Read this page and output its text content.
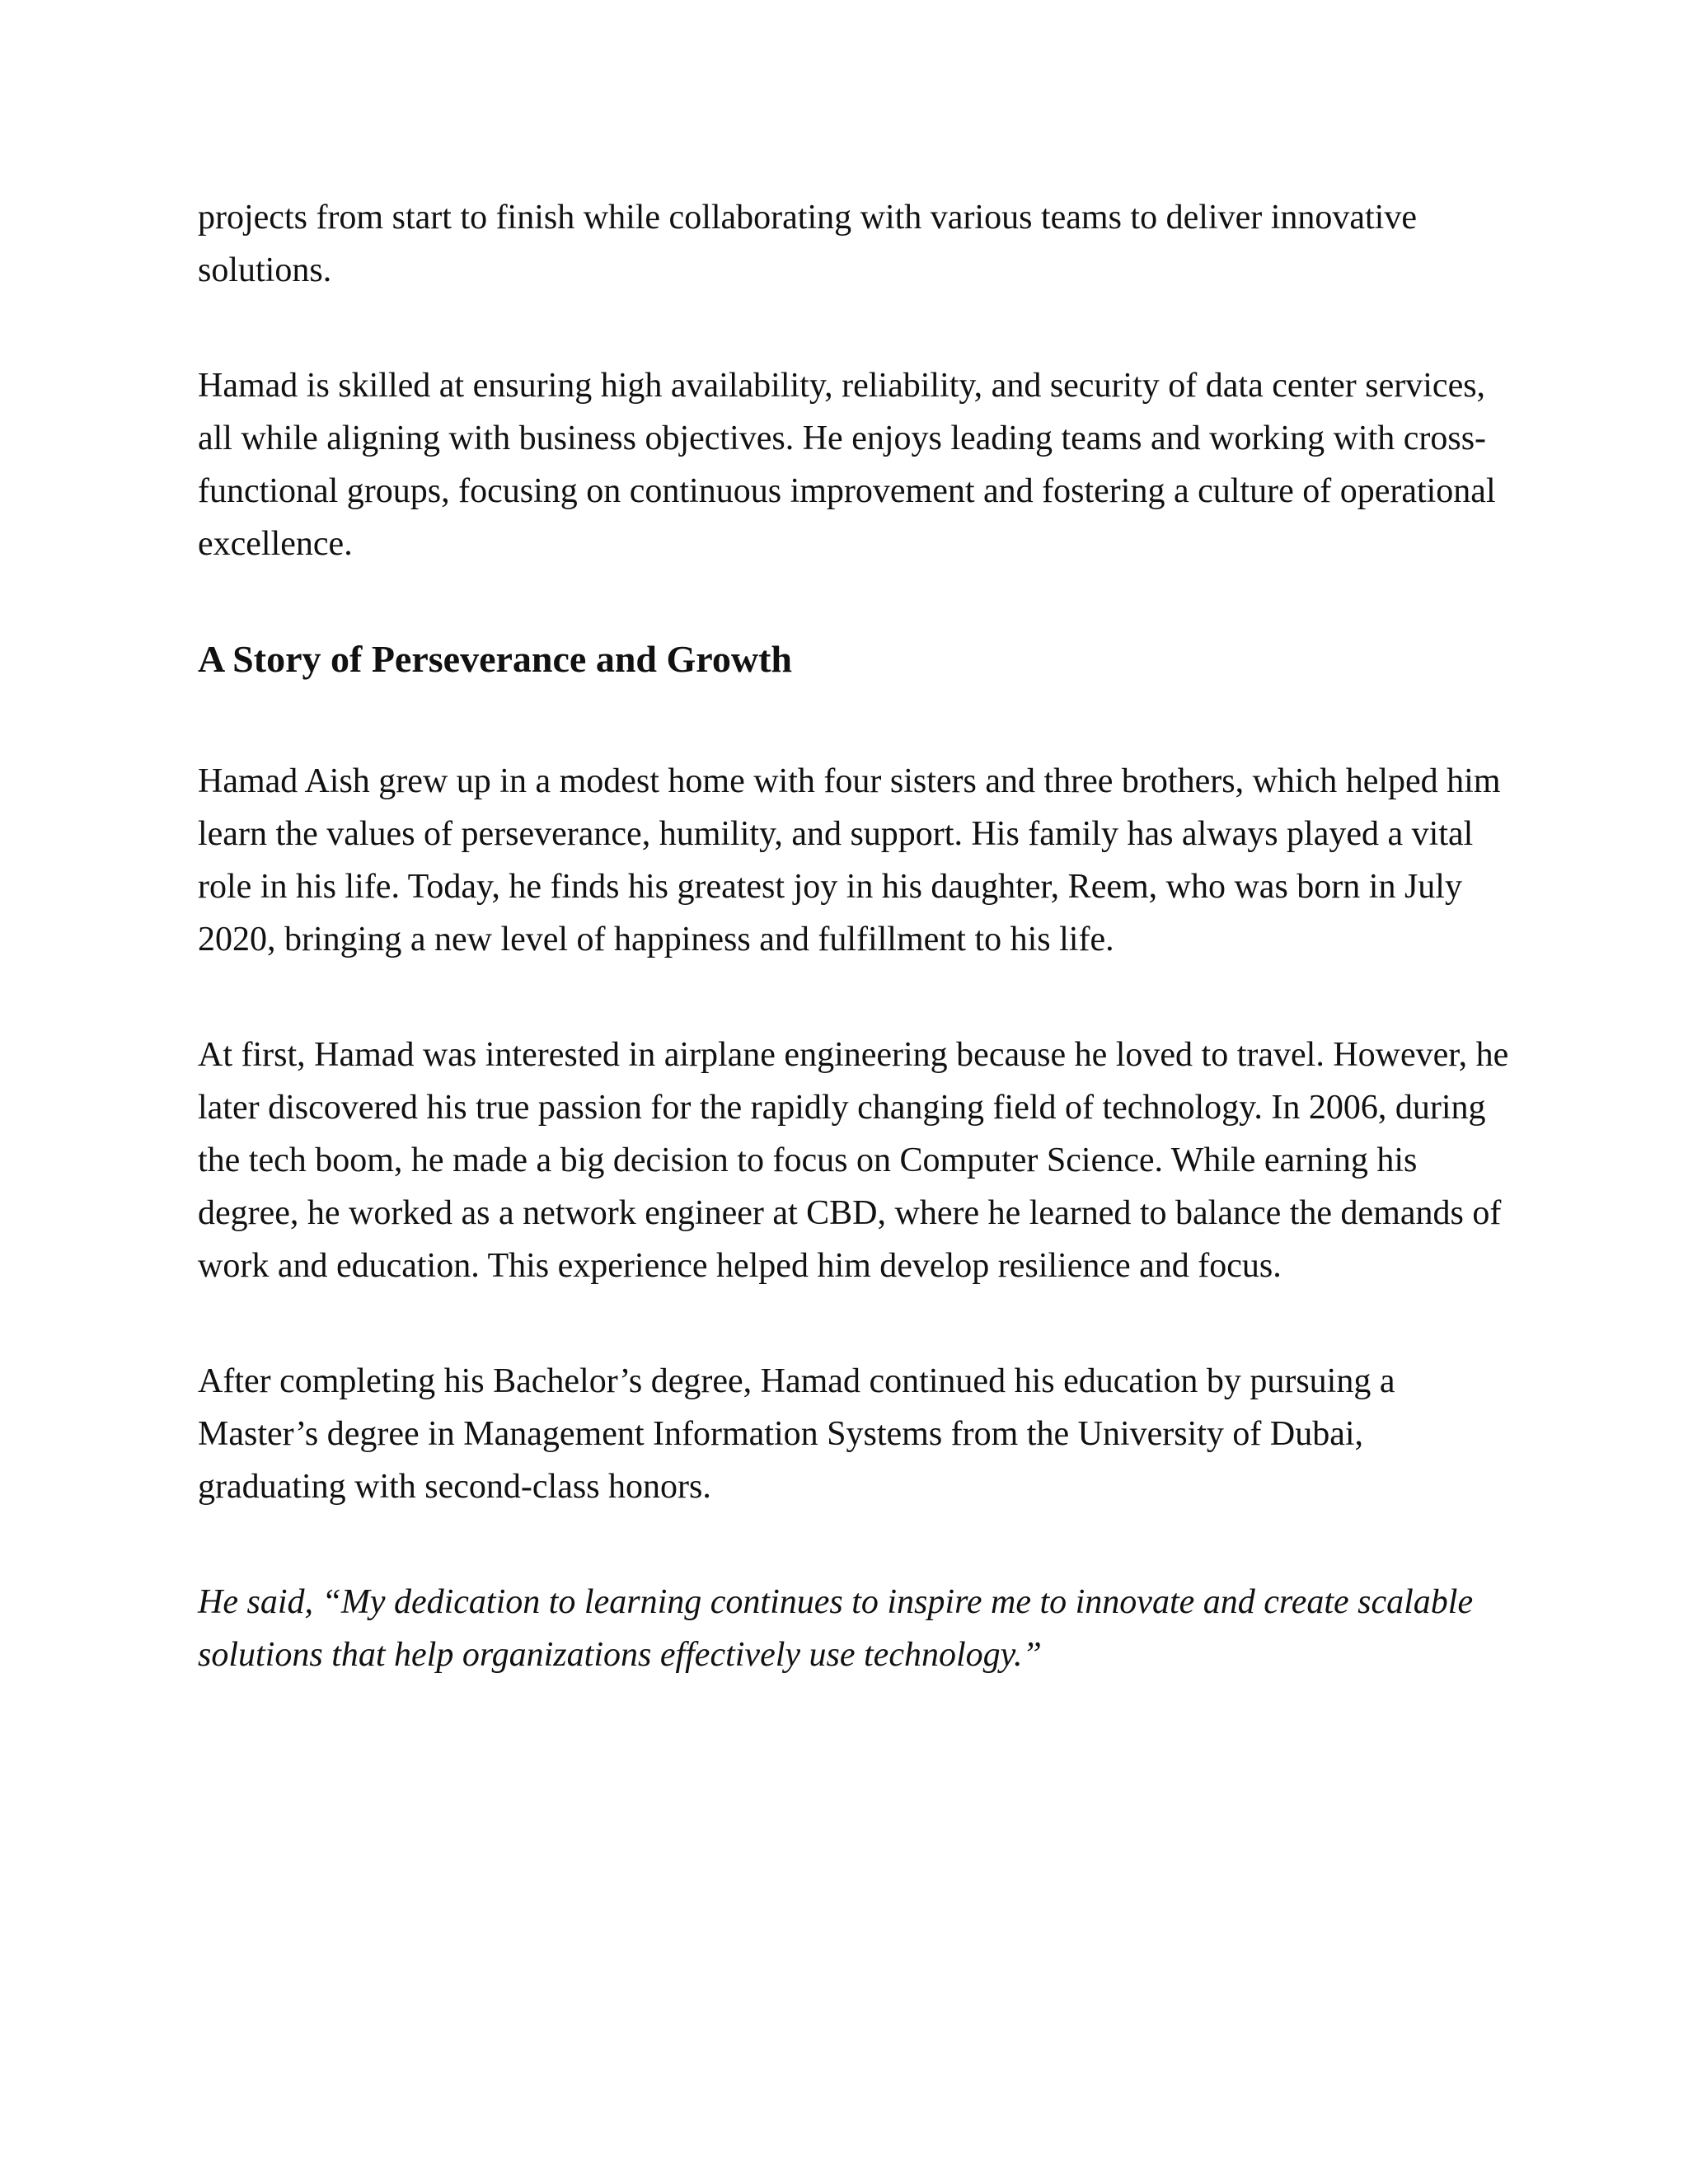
projects from start to finish while collaborating with various teams to deliver innovative solutions.

Hamad is skilled at ensuring high availability, reliability, and security of data center services, all while aligning with business objectives. He enjoys leading teams and working with cross-functional groups, focusing on continuous improvement and fostering a culture of operational excellence.

A Story of Perseverance and Growth

Hamad Aish grew up in a modest home with four sisters and three brothers, which helped him learn the values of perseverance, humility, and support. His family has always played a vital role in his life. Today, he finds his greatest joy in his daughter, Reem, who was born in July 2020, bringing a new level of happiness and fulfillment to his life.

At first, Hamad was interested in airplane engineering because he loved to travel. However, he later discovered his true passion for the rapidly changing field of technology. In 2006, during the tech boom, he made a big decision to focus on Computer Science. While earning his degree, he worked as a network engineer at CBD, where he learned to balance the demands of work and education. This experience helped him develop resilience and focus.

After completing his Bachelor’s degree, Hamad continued his education by pursuing a Master’s degree in Management Information Systems from the University of Dubai, graduating with second-class honors.

He said, “My dedication to learning continues to inspire me to innovate and create scalable solutions that help organizations effectively use technology.”
